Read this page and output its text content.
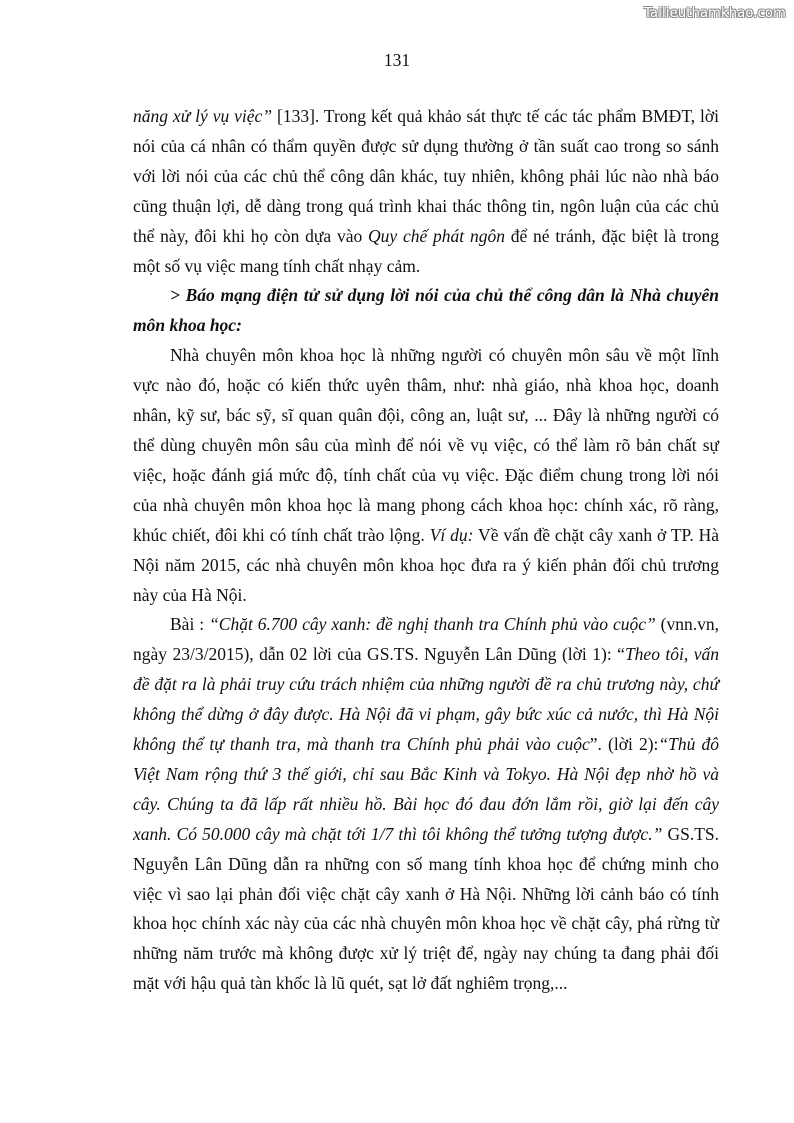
Tailieuthamkhao.com
131

năng xử lý vụ việc” [133]. Trong kết quả khảo sát thực tế các tác phẩm BMĐT, lời nói của cá nhân có thẩm quyền được sử dụng thường ở tần suất cao trong so sánh với lời nói của các chủ thể công dân khác, tuy nhiên, không phải lúc nào nhà báo cũng thuận lợi, dễ dàng trong quá trình khai thác thông tin, ngôn luận của các chủ thể này, đôi khi họ còn dựa vào Quy chế phát ngôn để né tránh, đặc biệt là trong một số vụ việc mang tính chất nhạy cảm.

> Báo mạng điện tử sử dụng lời nói của chủ thể công dân là Nhà chuyên môn khoa học:

Nhà chuyên môn khoa học là những người có chuyên môn sâu về một lĩnh vực nào đó, hoặc có kiến thức uyên thâm, như: nhà giáo, nhà khoa học, doanh nhân, kỹ sư, bác sỹ, sĩ quan quân đội, công an, luật sư, ... Đây là những người có thể dùng chuyên môn sâu của mình để nói về vụ việc, có thể làm rõ bản chất sự việc, hoặc đánh giá mức độ, tính chất của vụ việc. Đặc điểm chung trong lời nói của nhà chuyên môn khoa học là mang phong cách khoa học: chính xác, rõ ràng, khúc chiết, đôi khi có tính chất trào lộng. Ví dụ: Về vấn đề chặt cây xanh ở TP. Hà Nội năm 2015, các nhà chuyên môn khoa học đưa ra ý kiến phản đối chủ trương này của Hà Nội.

Bài : “Chặt 6.700 cây xanh: đề nghị thanh tra Chính phủ vào cuộc” (vnn.vn, ngày 23/3/2015), dẫn 02 lời của GS.TS. Nguyễn Lân Dũng (lời 1): “Theo tôi, vấn đề đặt ra là phải truy cứu trách nhiệm của những người đề ra chủ trương này, chứ không thể dừng ở đây được. Hà Nội đã vi phạm, gây bức xúc cả nước, thì Hà Nội không thể tự thanh tra, mà thanh tra Chính phủ phải vào cuộc”. (lời 2):“Thủ đô Việt Nam rộng thứ 3 thế giới, chỉ sau Bắc Kinh và Tokyo. Hà Nội đẹp nhờ hồ và cây. Chúng ta đã lấp rất nhiều hồ. Bài học đó đau đớn lắm rồi, giờ lại đến cây xanh. Có 50.000 cây mà chặt tới 1/7 thì tôi không thể tưởng tượng được.” GS.TS. Nguyễn Lân Dũng dẫn ra những con số mang tính khoa học để chứng minh cho việc vì sao lại phản đối việc chặt cây xanh ở Hà Nội. Những lời cảnh báo có tính khoa học chính xác này của các nhà chuyên môn khoa học về chặt cây, phá rừng từ những năm trước mà không được xử lý triệt để, ngày nay chúng ta đang phải đối mặt với hậu quả tàn khốc là lũ quét, sạt lở đất nghiêm trọng,...
